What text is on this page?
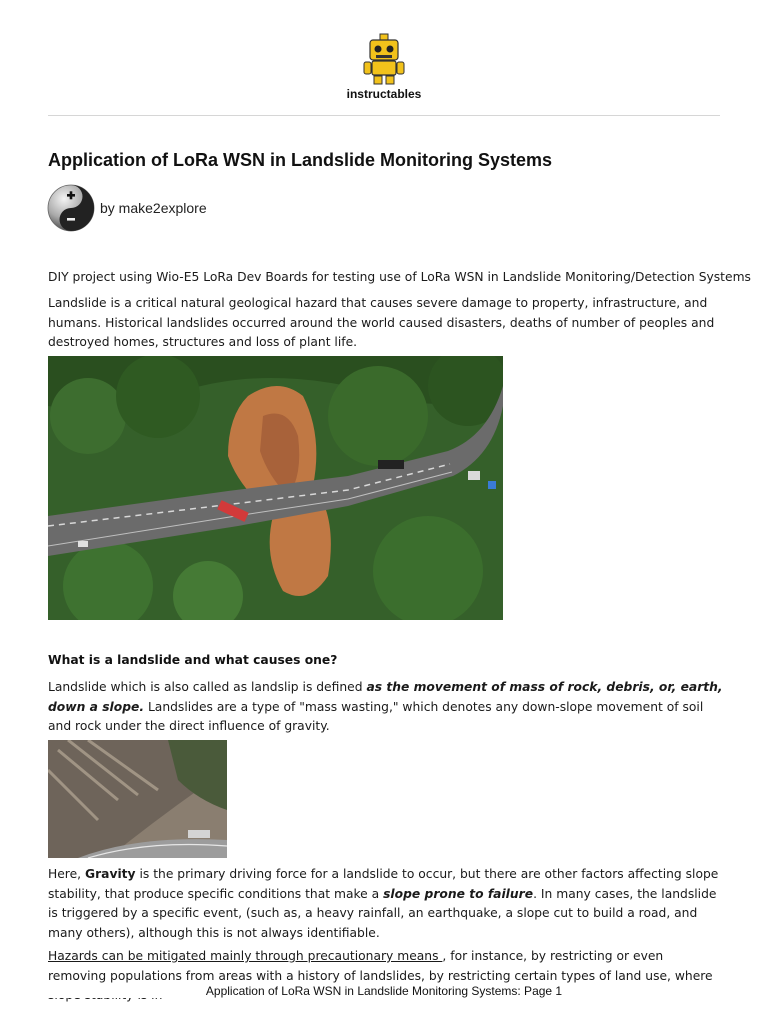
instructables
Application of LoRa WSN in Landslide Monitoring Systems
by make2explore

DIY project using Wio-E5 LoRa Dev Boards for testing use of LoRa WSN in Landslide Monitoring/Detection Systems

Landslide is a critical natural geological hazard that causes severe damage to property, infrastructure, and humans. Historical landslides occurred around the world caused disasters, deaths of number of peoples and destroyed homes, structures and loss of plant life.

What is a landslide and what causes one?

Landslide which is also called as landslip is defined as the movement of mass of rock, debris, or, earth, down a slope. Landslides are a type of "mass wasting," which denotes any down-slope movement of soil and rock under the direct influence of gravity.

Here, Gravity is the primary driving force for a landslide to occur, but there are other factors affecting slope stability, that produce specific conditions that make a slope prone to failure. In many cases, the landslide is triggered by a specific event, (such as, a heavy rainfall, an earthquake, a slope cut to build a road, and many others), although this is not always identifiable.

Hazards can be mitigated mainly through precautionary means , for instance, by restricting or even removing populations from areas with a history of landslides, by restricting certain types of land use, where

Application of LoRa WSN in Landslide Monitoring Systems: Page 1
